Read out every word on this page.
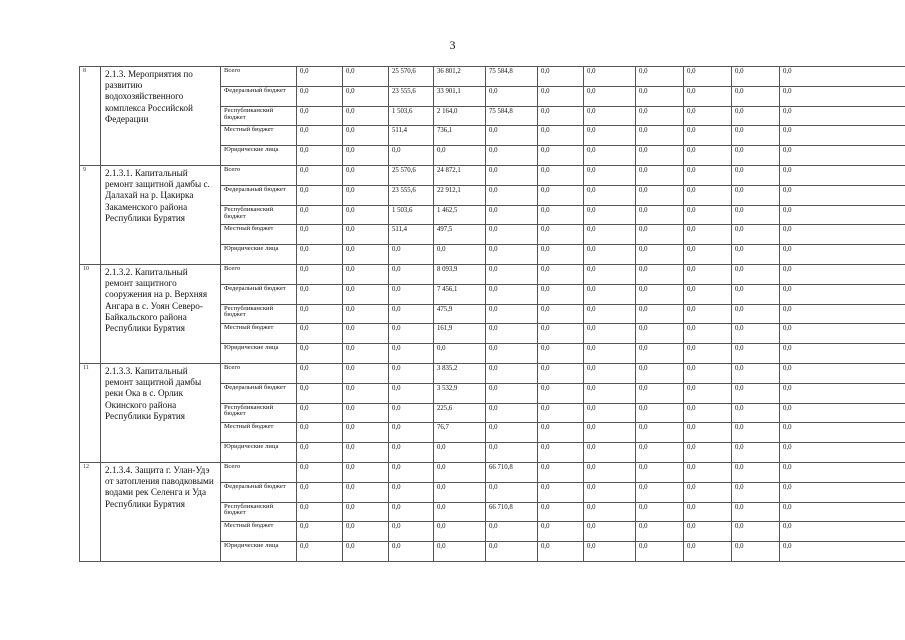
3
8	2.1.3. Мероприятия по развитию водохозяйственного комплекса Российской Федерации	Всего	0,0	0,0	25 570,6	36 801,2	75 584,8	0,0	0,0	0,0	0,0	0,0	0,0
		Федеральный бюджет	0,0	0,0	23 555,6	33 901,1	0,0	0,0	0,0	0,0	0,0	0,0	0,0
		Республиканский бюджет	0,0	0,0	1 503,6	2 164,0	75 584,8	0,0	0,0	0,0	0,0	0,0	0,0
		Местный бюджет	0,0	0,0	511,4	736,1	0,0	0,0	0,0	0,0	0,0	0,0	0,0
		Юридические лица	0,0	0,0	0,0	0,0	0,0	0,0	0,0	0,0	0,0	0,0	0,0
9	2.1.3.1. Капитальный ремонт защитной дамбы с. Далахай на р. Цакирка Закаменского района Республики Бурятия	Всего	0,0	0,0	25 570,6	24 872,1	0,0	0,0	0,0	0,0	0,0	0,0	0,0
		Федеральный бюджет	0,0	0,0	23 555,6	22 912,1	0,0	0,0	0,0	0,0	0,0	0,0	0,0
		Республиканский бюджет	0,0	0,0	1 503,6	1 462,5	0,0	0,0	0,0	0,0	0,0	0,0	0,0
		Местный бюджет	0,0	0,0	511,4	497,5	0,0	0,0	0,0	0,0	0,0	0,0	0,0
		Юридические лица	0,0	0,0	0,0	0,0	0,0	0,0	0,0	0,0	0,0	0,0	0,0
10	2.1.3.2. Капитальный ремонт защитного сооружения на р. Верхняя Ангара в с. Уоян Северо-Байкальского района Республики Бурятия	Всего	0,0	0,0	0,0	8 093,9	0,0	0,0	0,0	0,0	0,0	0,0	0,0
		Федеральный бюджет	0,0	0,0	0,0	7 456,1	0,0	0,0	0,0	0,0	0,0	0,0	0,0
		Республиканский бюджет	0,0	0,0	0,0	475,9	0,0	0,0	0,0	0,0	0,0	0,0	0,0
		Местный бюджет	0,0	0,0	0,0	161,9	0,0	0,0	0,0	0,0	0,0	0,0	0,0
		Юридические лица	0,0	0,0	0,0	0,0	0,0	0,0	0,0	0,0	0,0	0,0	0,0
11	2.1.3.3. Капитальный ремонт защитной дамбы реки Ока в с. Орлик Окинского района Республики Бурятия	Всего	0,0	0,0	0,0	3 835,2	0,0	0,0	0,0	0,0	0,0	0,0	0,0
		Федеральный бюджет	0,0	0,0	0,0	3 532,9	0,0	0,0	0,0	0,0	0,0	0,0	0,0
		Республиканский бюджет	0,0	0,0	0,0	225,6	0,0	0,0	0,0	0,0	0,0	0,0	0,0
		Местный бюджет	0,0	0,0	0,0	76,7	0,0	0,0	0,0	0,0	0,0	0,0	0,0
		Юридические лица	0,0	0,0	0,0	0,0	0,0	0,0	0,0	0,0	0,0	0,0	0,0
12	2.1.3.4. Защита г. Улан-Удэ от затопления паводковыми водами рек Селенга и Уда Республики Бурятия	Всего	0,0	0,0	0,0	0,0	66 710,8	0,0	0,0	0,0	0,0	0,0	0,0
		Федеральный бюджет	0,0	0,0	0,0	0,0	0,0	0,0	0,0	0,0	0,0	0,0	0,0
		Республиканский бюджет	0,0	0,0	0,0	0,0	66 710,8	0,0	0,0	0,0	0,0	0,0	0,0
		Местный бюджет	0,0	0,0	0,0	0,0	0,0	0,0	0,0	0,0	0,0	0,0	0,0
		Юридические лица	0,0	0,0	0,0	0,0	0,0	0,0	0,0	0,0	0,0	0,0	0,0
